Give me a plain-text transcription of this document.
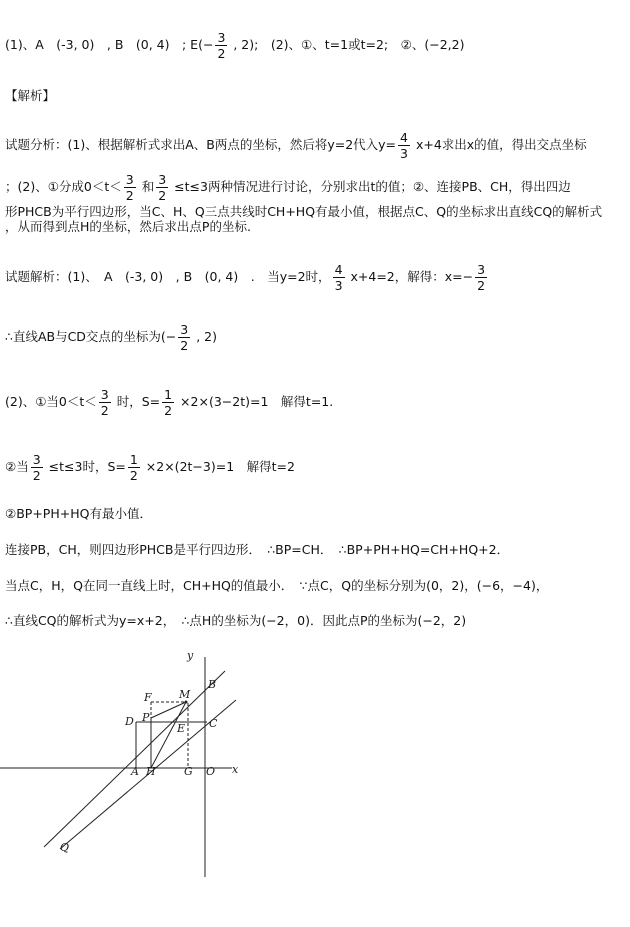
(1)、A　(-3, 0)　, B　(0, 4)　; $E(- \frac{3}{2}$ , 2);　(2)、①、t=1或t=2;　②、(−2,2)
【解析】
试题分析：(1)、根据解析式求出A、B两点的坐标，然后将y=2代入$y= \frac{4}{3} x+4$求出x的值，得出交点坐标
；(2)、①分成$0<t< \frac{3}{2}$ 和 $\frac{3}{2} \le t\le 3$两种情况进行讨论，分别求出t的值；②、连接PB、CH，得出四边
形PHCB为平行四边形，当C、H、Q三点共线时CH+HQ有最小值，根据点C、Q的坐标求出直线CQ的解析式
，从而得到点H的坐标，然后求出点P的坐标.
试题解析：(1)、　A　(-3, 0)　, B　(0, 4)　.　当y=2时， $\frac{4}{3} x+4=2$，解得：$x=- \frac{3}{2}$
∴直线AB与CD交点的坐标为(− $\frac{3}{2}$ , 2)
(2)、①当$0<t< \frac{3}{2}$ 时，$S= \frac{1}{2} \times 2\times(3-2t)=1$　解得t=1.
②当 $\frac{3}{2} \le t\le 3$时，$S= \frac{1}{2} \times 2\times(2t-3)=1$　解得t=2
②BP+PH+HQ有最小值．
连接PB，CH，则四边形PHCB是平行四边形．　∴BP=CH．　∴BP+PH+HQ=CH+HQ+2．
当点C，H，Q在同一直线上时，CH+HQ的值最小．　∵点C，Q的坐标分别为(0，2)，(−6，−4)，
∴直线CQ的解析式为y=x+2，　∴点H的坐标为(−2，0)．因此点P的坐标为(−2，2)
y
x
B
F M
D P
E C
A H	G O
Q
